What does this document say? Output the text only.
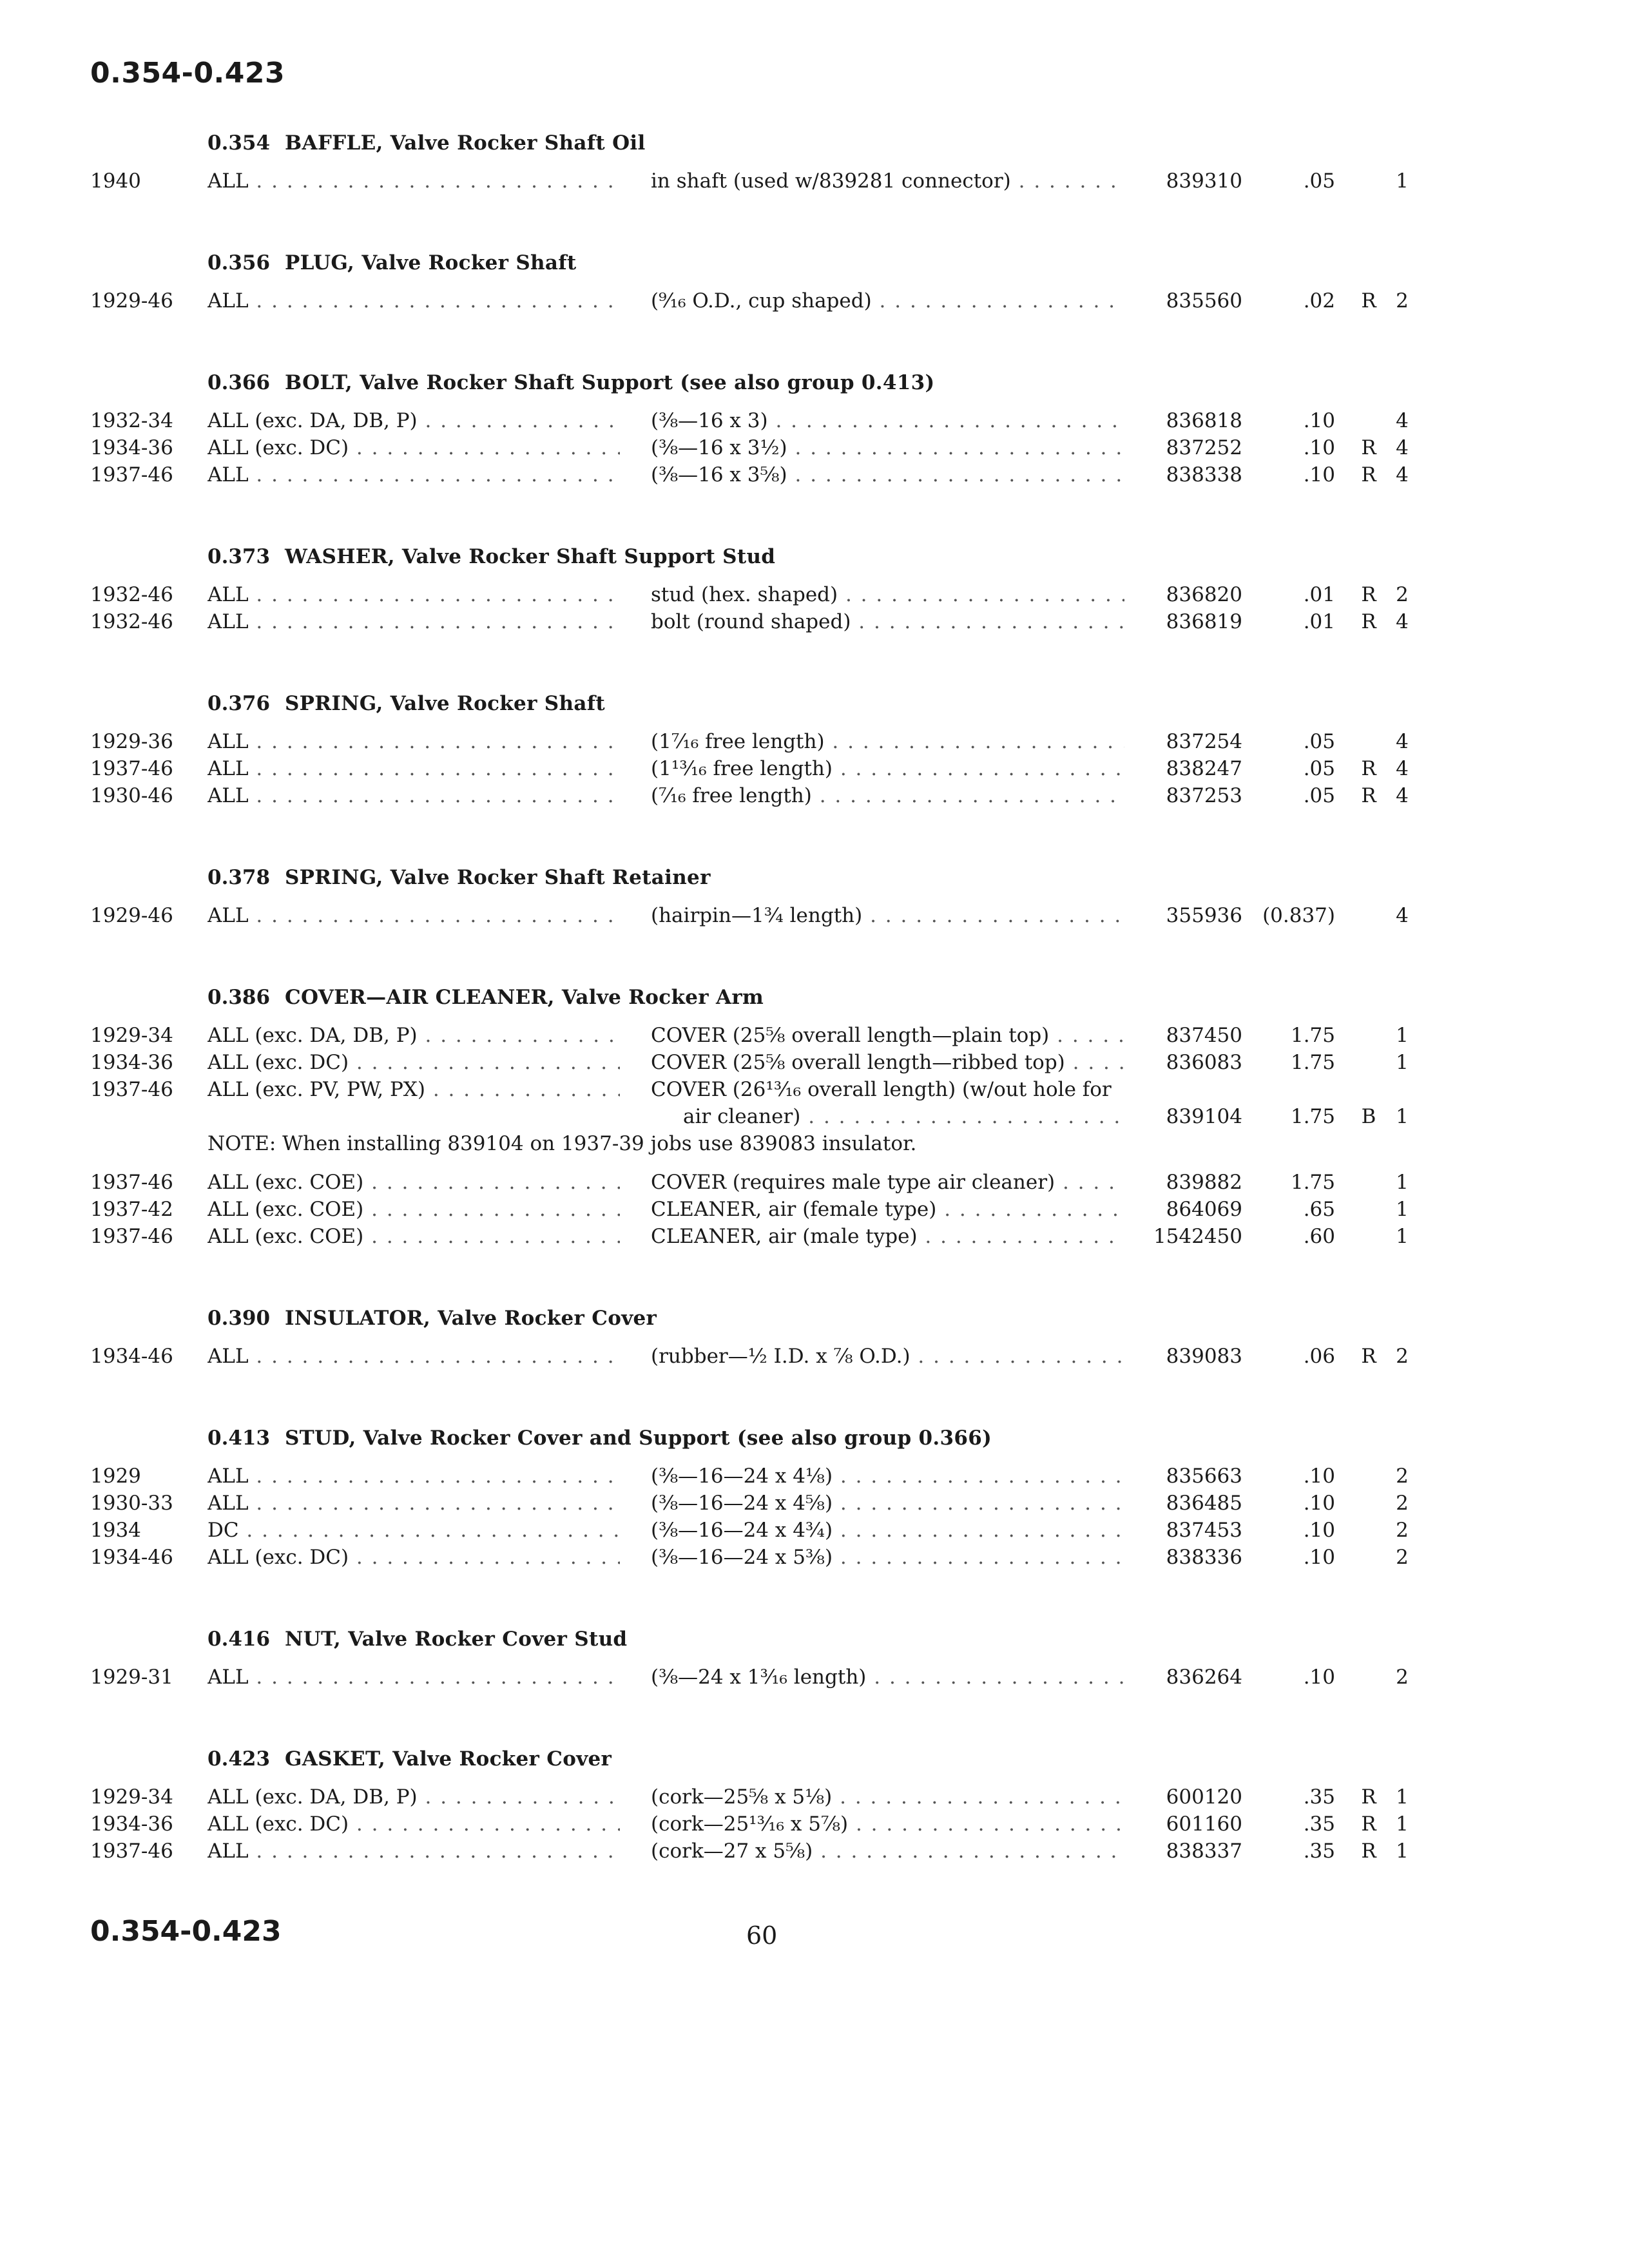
0.354-0.423
0.354 BAFFLE, Valve Rocker Shaft Oil
1940	ALL . . .	in shaft (used w/839281 connector) . . .	839310	.05	1
0.356 PLUG, Valve Rocker Shaft
1929-46 ALL . . .	(⁹⁄₁₆ O.D., cup shaped) . . .	835560	.02 R 2
0.366 BOLT, Valve Rocker Shaft Support (see also group 0.413)
1932-34 ALL (exc. DA, DB, P) . . .	(³⁄₈—16 x 3) . . .	836818	.10	4
1934-36 ALL (exc. DC) . . .	(³⁄₈—16 x 3½) . . .	837252	.10 R 4
1937-46 ALL . . .	(³⁄₈—16 x 3⅝) . . .	838338	.10 R 4
0.373 WASHER, Valve Rocker Shaft Support Stud
1932-46 ALL . . .	stud (hex. shaped) . . .	836820	.01 R 2
1932-46 ALL . . .	bolt (round shaped) . . .	836819	.01 R 4
0.376 SPRING, Valve Rocker Shaft
1929-36 ALL . . .	(1⁷⁄₁₆ free length) . . .	837254	.05	4
1937-46 ALL . . .	(1¹³⁄₁₆ free length) . . .	838247	.05 R 4
1930-46 ALL . . .	(⁷⁄₁₆ free length) . . .	837253	.05 R 4
0.378 SPRING, Valve Rocker Shaft Retainer
1929-46 ALL . . .	(hairpin—1¾ length) . . .	355936 (0.837)	4
0.386 COVER—AIR CLEANER, Valve Rocker Arm
1929-34 ALL (exc. DA, DB, P) . . .	COVER (25⅝ overall length—plain top) . . .	837450 1.75	1
1934-36 ALL (exc. DC) . . .	COVER (25⅝ overall length—ribbed top) . . .	836083 1.75	1
1937-46 ALL (exc. PV, PW, PX) . . .	COVER (26¹³⁄₁₆ overall length) (w/out hole for
air cleaner) . . .	839104 1.75 B 1
NOTE: When installing 839104 on 1937-39 jobs use 839083 insulator.
1937-46 ALL (exc. COE) . . .	COVER (requires male type air cleaner) . . .	839882 1.75	1
1937-42 ALL (exc. COE) . . .	CLEANER, air (female type) . . .	864069	.65	1
1937-46 ALL (exc. COE) . . .	CLEANER, air (male type) . . .	1542450	.60	1
0.390 INSULATOR, Valve Rocker Cover
1934-46 ALL . . .	(rubber—½ I.D. x ⅞ O.D.) . . .	839083	.06 R 2
0.413 STUD, Valve Rocker Cover and Support (see also group 0.366)
1929	ALL . . .	(³⁄₈—16—24 x 4⅛) . . .	835663	.10	2
1930-33 ALL . . .	(³⁄₈—16—24 x 4⅝) . . .	836485	.10	2
1934	DC . . .	(³⁄₈—16—24 x 4¾) . . .	837453	.10	2
1934-46 ALL (exc. DC) . . .	(³⁄₈—16—24 x 5⅜) . . .	838336	.10	2
0.416 NUT, Valve Rocker Cover Stud
1929-31 ALL . . .	(³⁄₈—24 x 1³⁄₁₆ length) . . .	836264	.10	2
0.423 GASKET, Valve Rocker Cover
1929-34 ALL (exc. DA, DB, P) . . .	(cork—25⅝ x 5⅛) . . .	600120	.35 R 1
1934-36 ALL (exc. DC) . . .	(cork—25¹³⁄₁₆ x 5⅞) . . .	601160	.35 R 1
1937-46 ALL . . .	(cork—27 x 5⅝) . . .	838337	.35 R 1
0.354-0.423	60
